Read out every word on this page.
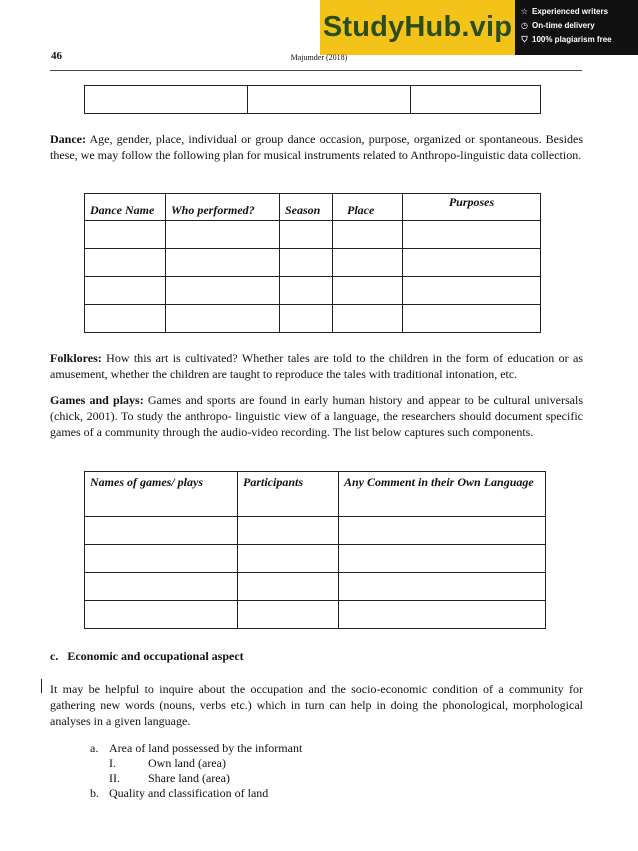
StudyHub.vip ☆ Experienced writers
◷ On-time delivery
⛉ 100% plagiarism free
46	Majumder (2018)

Dance: Age, gender, place, individual or group dance occasion, purpose, organized or spontaneous. Besides these, we may follow the following plan for musical instruments related to Anthropo-linguistic data collection.
Dance Name	Who performed?	Season	Place	Purposes

Folklores: How this art is cultivated? Whether tales are told to the children in the form of education or as amusement, whether the children are taught to reproduce the tales with traditional intonation, etc.
Games and plays: Games and sports are found in early human history and appear to be cultural universals (chick, 2001). To study the anthropo- linguistic view of a language, the researchers should document specific games of a community through the audio-video recording. The list below captures such components.
Names of games/ plays	Participants	Any Comment in their Own Language

c. Economic and occupational aspect
It may be helpful to inquire about the occupation and the socio-economic condition of a community for gathering new words (nouns, verbs etc.) which in turn can help in doing the phonological, morphological analyses in a given language.
a. Area of land possessed by the informant
I.	Own land (area)
II.	Share land (area)
b. Quality and classification of land
